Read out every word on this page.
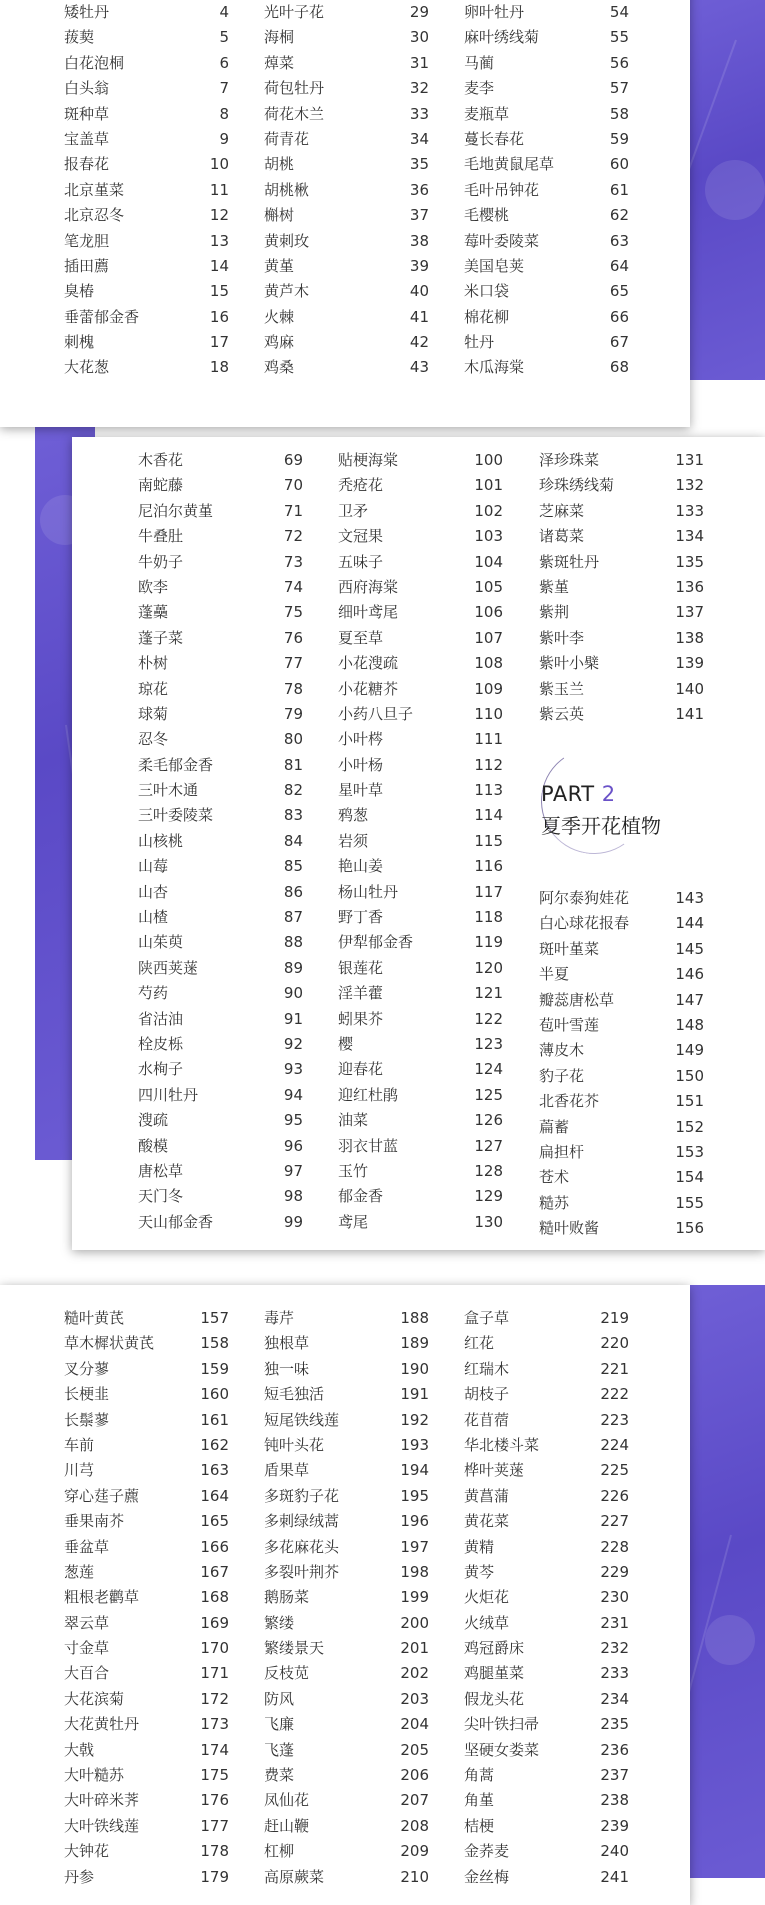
矮牡丹	4
菝葜	5
白花泡桐	6
白头翁	7
斑种草	8
宝盖草	9
报春花	10
北京堇菜	11
北京忍冬	12
笔龙胆	13
插田薦	14
臭椿	15
垂蕾郁金香	16
刺槐	17
大花葱	18
光叶子花	29
海桐	30
蔊菜	31
荷包牡丹	32
荷花木兰	33
荷青花	34
胡桃	35
胡桃楸	36
槲树	37
黄刺玫	38
黄堇	39
黄芦木	40
火棘	41
鸡麻	42
鸡桑	43
卵叶牡丹	54
麻叶绣线菊	55
马蔺	56
麦李	57
麦瓶草	58
蔓长春花	59
毛地黄鼠尾草	60
毛叶吊钟花	61
毛樱桃	62
莓叶委陵菜	63
美国皂荚	64
米口袋	65
棉花柳	66
牡丹	67
木瓜海棠	68
木香花	69
南蛇藤	70
尼泊尔黄堇	71
牛叠肚	72
牛奶子	73
欧李	74
蓬蘽	75
蓬子菜	76
朴树	77
琼花	78
球菊	79
忍冬	80
柔毛郁金香	81
三叶木通	82
三叶委陵菜	83
山核桃	84
山莓	85
山杏	86
山楂	87
山茱萸	88
陕西荚蒾	89
芍药	90
省沽油	91
栓皮栎	92
水栒子	93
四川牡丹	94
溲疏	95
酸模	96
唐松草	97
天门冬	98
天山郁金香	99
贴梗海棠	100
秃疮花	101
卫矛	102
文冠果	103
五味子	104
西府海棠	105
细叶鸢尾	106
夏至草	107
小花溲疏	108
小花糖芥	109
小药八旦子	110
小叶梣	111
小叶杨	112
星叶草	113
鸦葱	114
岩须	115
艳山姜	116
杨山牡丹	117
野丁香	118
伊犁郁金香	119
银莲花	120
淫羊藿	121
蚓果芥	122
樱	123
迎春花	124
迎红杜鹃	125
油菜	126
羽衣甘蓝	127
玉竹	128
郁金香	129
鸢尾	130
泽珍珠菜	131
珍珠绣线菊	132
芝麻菜	133
诸葛菜	134
紫斑牡丹	135
紫堇	136
紫荆	137
紫叶李	138
紫叶小檗	139
紫玉兰	140
紫云英	141
阿尔泰狗娃花	143
白心球花报春	144
斑叶堇菜	145
半夏	146
瓣蕊唐松草	147
苞叶雪莲	148
薄皮木	149
豹子花	150
北香花芥	151
萹蓄	152
扁担杆	153
苍术	154
糙苏	155
糙叶败酱	156
PART 2
夏季开花植物
糙叶黄芪	157
草木樨状黄芪	158
叉分蓼	159
长梗韭	160
长鬃蓼	161
车前	162
川芎	163
穿心莛子藨	164
垂果南芥	165
垂盆草	166
葱莲	167
粗根老鹳草	168
翠云草	169
寸金草	170
大百合	171
大花滨菊	172
大花黄牡丹	173
大戟	174
大叶糙苏	175
大叶碎米荠	176
大叶铁线莲	177
大钟花	178
丹参	179
毒芹	188
独根草	189
独一味	190
短毛独活	191
短尾铁线莲	192
钝叶头花	193
盾果草	194
多斑豹子花	195
多刺绿绒蒿	196
多花麻花头	197
多裂叶荆芥	198
鹅肠菜	199
繁缕	200
繁缕景天	201
反枝苋	202
防风	203
飞廉	204
飞蓬	205
费菜	206
凤仙花	207
赶山鞭	208
杠柳	209
高原蕨菜	210
盒子草	219
红花	220
红瑞木	221
胡枝子	222
花苜蓿	223
华北楼斗菜	224
桦叶荚蒾	225
黄菖蒲	226
黄花菜	227
黄精	228
黄芩	229
火炬花	230
火绒草	231
鸡冠爵床	232
鸡腿堇菜	233
假龙头花	234
尖叶铁扫帚	235
坚硬女娄菜	236
角蒿	237
角堇	238
桔梗	239
金荞麦	240
金丝梅	241
